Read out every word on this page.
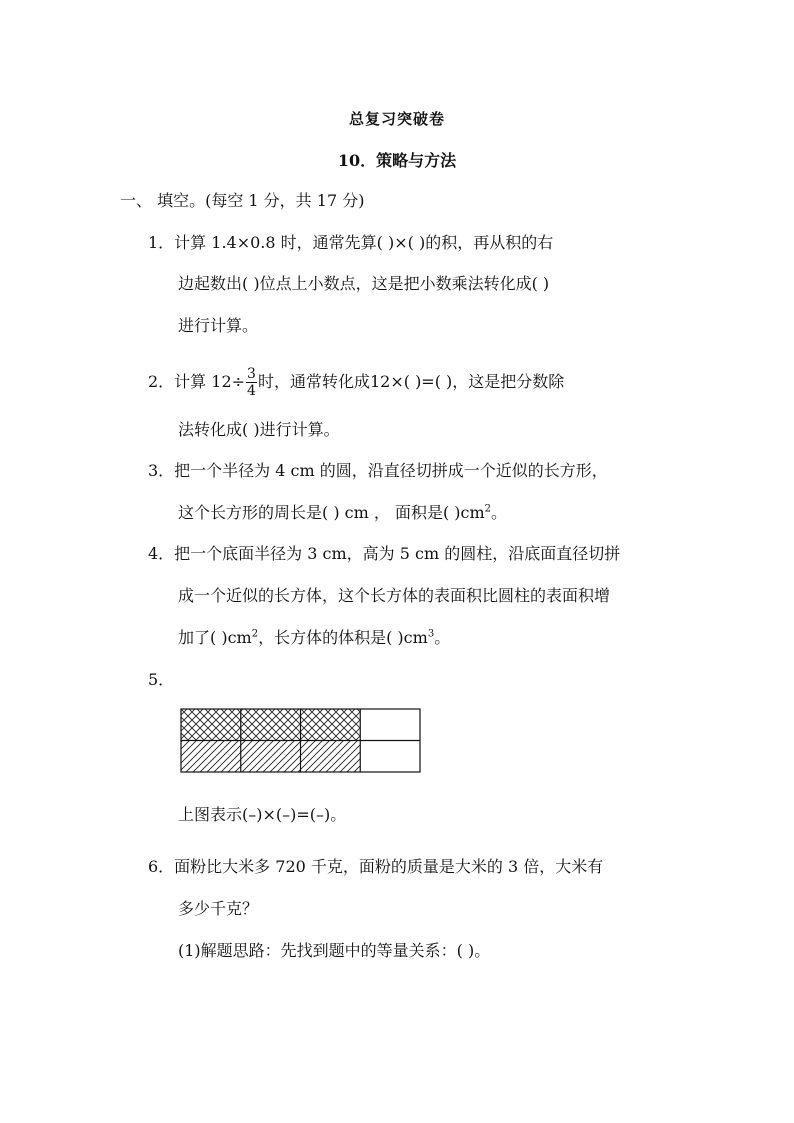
总复习突破卷
10．策略与方法
一、 填空。(每空 1 分，共 17 分)
1．计算 1.4×0.8 时，通常先算( )×( )的积，再从积的右
边起数出( )位点上小数点，这是把小数乘法转化成( )
进行计算。
2．计算 $12\div \frac{3}{4}$ 时，通常转化成12×( )=( )，这是把分数除
法转化成( )进行计算。
3．把一个半径为 4 cm 的圆，沿直径切拼成一个近似的长方形，
这个长方形的周长是( ) cm ， 面积是( )$cm^2$。
4．把一个底面半径为 3 cm，高为 5 cm 的圆柱，沿底面直径切拼
成一个近似的长方体，这个长方体的表面积比圆柱的表面积增
加了( )$cm^2$，长方体的体积是( )$cm^3$。
5．
上图表示(–)×(–)=(–)。
6．面粉比大米多 720 千克，面粉的质量是大米的 3 倍，大米有
多少千克？
(1)解题思路：先找到题中的等量关系：( )。
